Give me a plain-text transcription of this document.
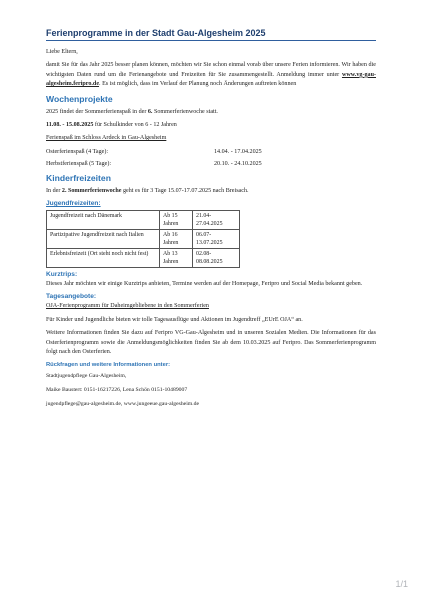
Ferienprogramme in der Stadt Gau-Algesheim 2025
Liebe Eltern,
damit Sie für das Jahr 2025 besser planen können, möchten wir Sie schon einmal vorab über unsere Ferien informieren. Wir haben die wichtigsten Daten rund um die Ferienangebote und Freizeiten für Sie zusammengestellt. Anmeldung immer unter www.vg-gau-algesheim.feripro.de. Es ist möglich, dass im Verlauf der Planung noch Änderungen auftreten können
Wochenprojekte
2025 findet der Sommerferienspaß in der 6. Sommerferienwoche statt.
11.08. - 15.08.2025 für Schulkinder von 6 - 12 Jahren
Ferienspaß im Schloss Ardeck in Gau-Algesheim
Osterferienspaß (4 Tage):	14.04. - 17.04.2025
Herbstferienspaß (5 Tage):	20.10. - 24.10.2025
Kinderfreizeiten
In der 2. Sommerferienwoche geht es für 3 Tage 15.07-17.07.2025 nach Breisach.
Jugendfreizeiten:
Jugendfreizeit nach Dänemark	Ab 15 Jahren	21.04-27.04.2025
Partizipative Jugendfreizeit nach Italien	Ab 16 Jahren	06.07-13.07.2025
Erlebnisfreizeit (Ort steht noch nicht fest)	Ab 13 Jahren	02.08-08.08.2025
Kurztrips:
Dieses Jahr möchten wir einige Kurztrips anbieten, Termine werden auf der Homepage, Feripro und Social Media bekannt geben.
Tagesangebote:
OJA-Ferienprogramm für Daheimgebliebene in den Sommerferien
Für Kinder und Jugendliche bieten wir tolle Tagesausflüge und Aktionen im Jugendtreff „EUrE OJA“ an.
Weitere Informationen finden Sie dazu auf Feripro VG-Gau-Algesheim und in unseren Sozialen Medien. Die Informationen für das Osterferienprogramm sowie die Anmeldungsmöglichkeiten finden Sie ab dem 10.03.2025 auf Feripro. Das Sommerferienprogramm folgt nach den Osterferien.
Rückfragen und weitere Informationen unter:
Stadtjugendpflege Gau-Algesheim,
Maike Baustert: 0151-16217226, Lena Schön 0151-10489007
jugendpflege@gau-algesheim.de, www.jungeeue.gau-algesheim.de
1/1
